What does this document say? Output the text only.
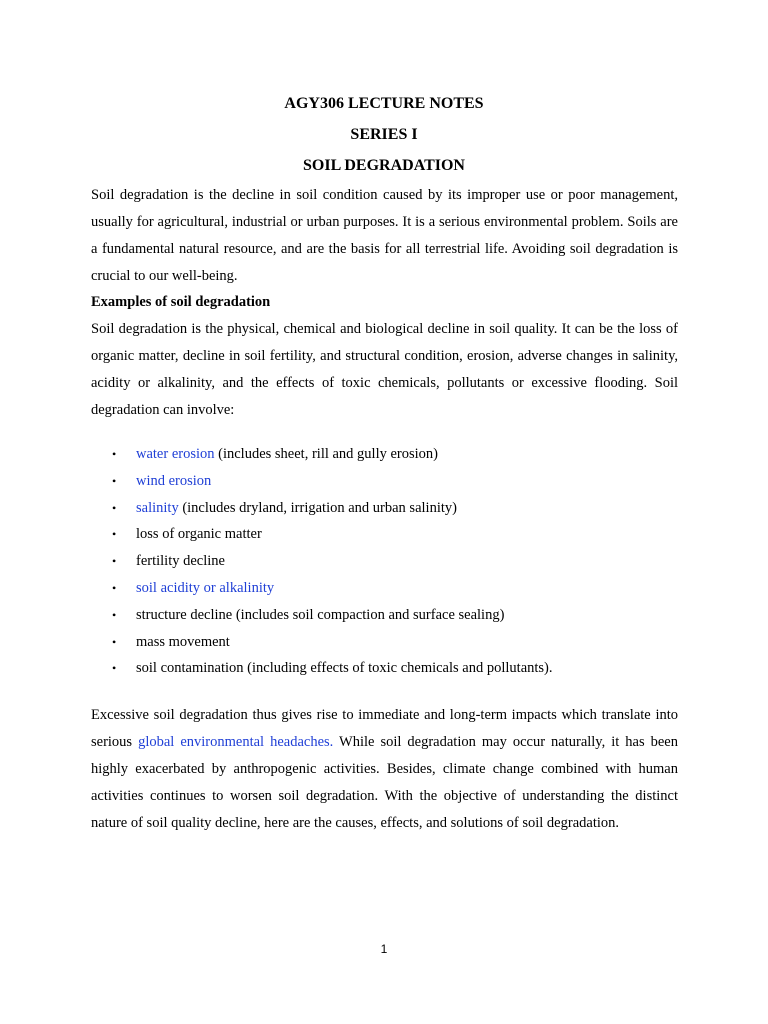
AGY306 LECTURE NOTES
SERIES I
SOIL DEGRADATION

Soil degradation is the decline in soil condition caused by its improper use or poor management, usually for agricultural, industrial or urban purposes. It is a serious environmental problem. Soils are a fundamental natural resource, and are the basis for all terrestrial life. Avoiding soil degradation is crucial to our well-being.

Examples of soil degradation

Soil degradation is the physical, chemical and biological decline in soil quality. It can be the loss of organic matter, decline in soil fertility, and structural condition, erosion, adverse changes in salinity, acidity or alkalinity, and the effects of toxic chemicals, pollutants or excessive flooding. Soil degradation can involve:

• water erosion (includes sheet, rill and gully erosion)
• wind erosion
• salinity (includes dryland, irrigation and urban salinity)
• loss of organic matter
• fertility decline
• soil acidity or alkalinity
• structure decline (includes soil compaction and surface sealing)
• mass movement
• soil contamination (including effects of toxic chemicals and pollutants).

Excessive soil degradation thus gives rise to immediate and long-term impacts which translate into serious global environmental headaches. While soil degradation may occur naturally, it has been highly exacerbated by anthropogenic activities. Besides, climate change combined with human activities continues to worsen soil degradation. With the objective of understanding the distinct nature of soil quality decline, here are the causes, effects, and solutions of soil degradation.

1
